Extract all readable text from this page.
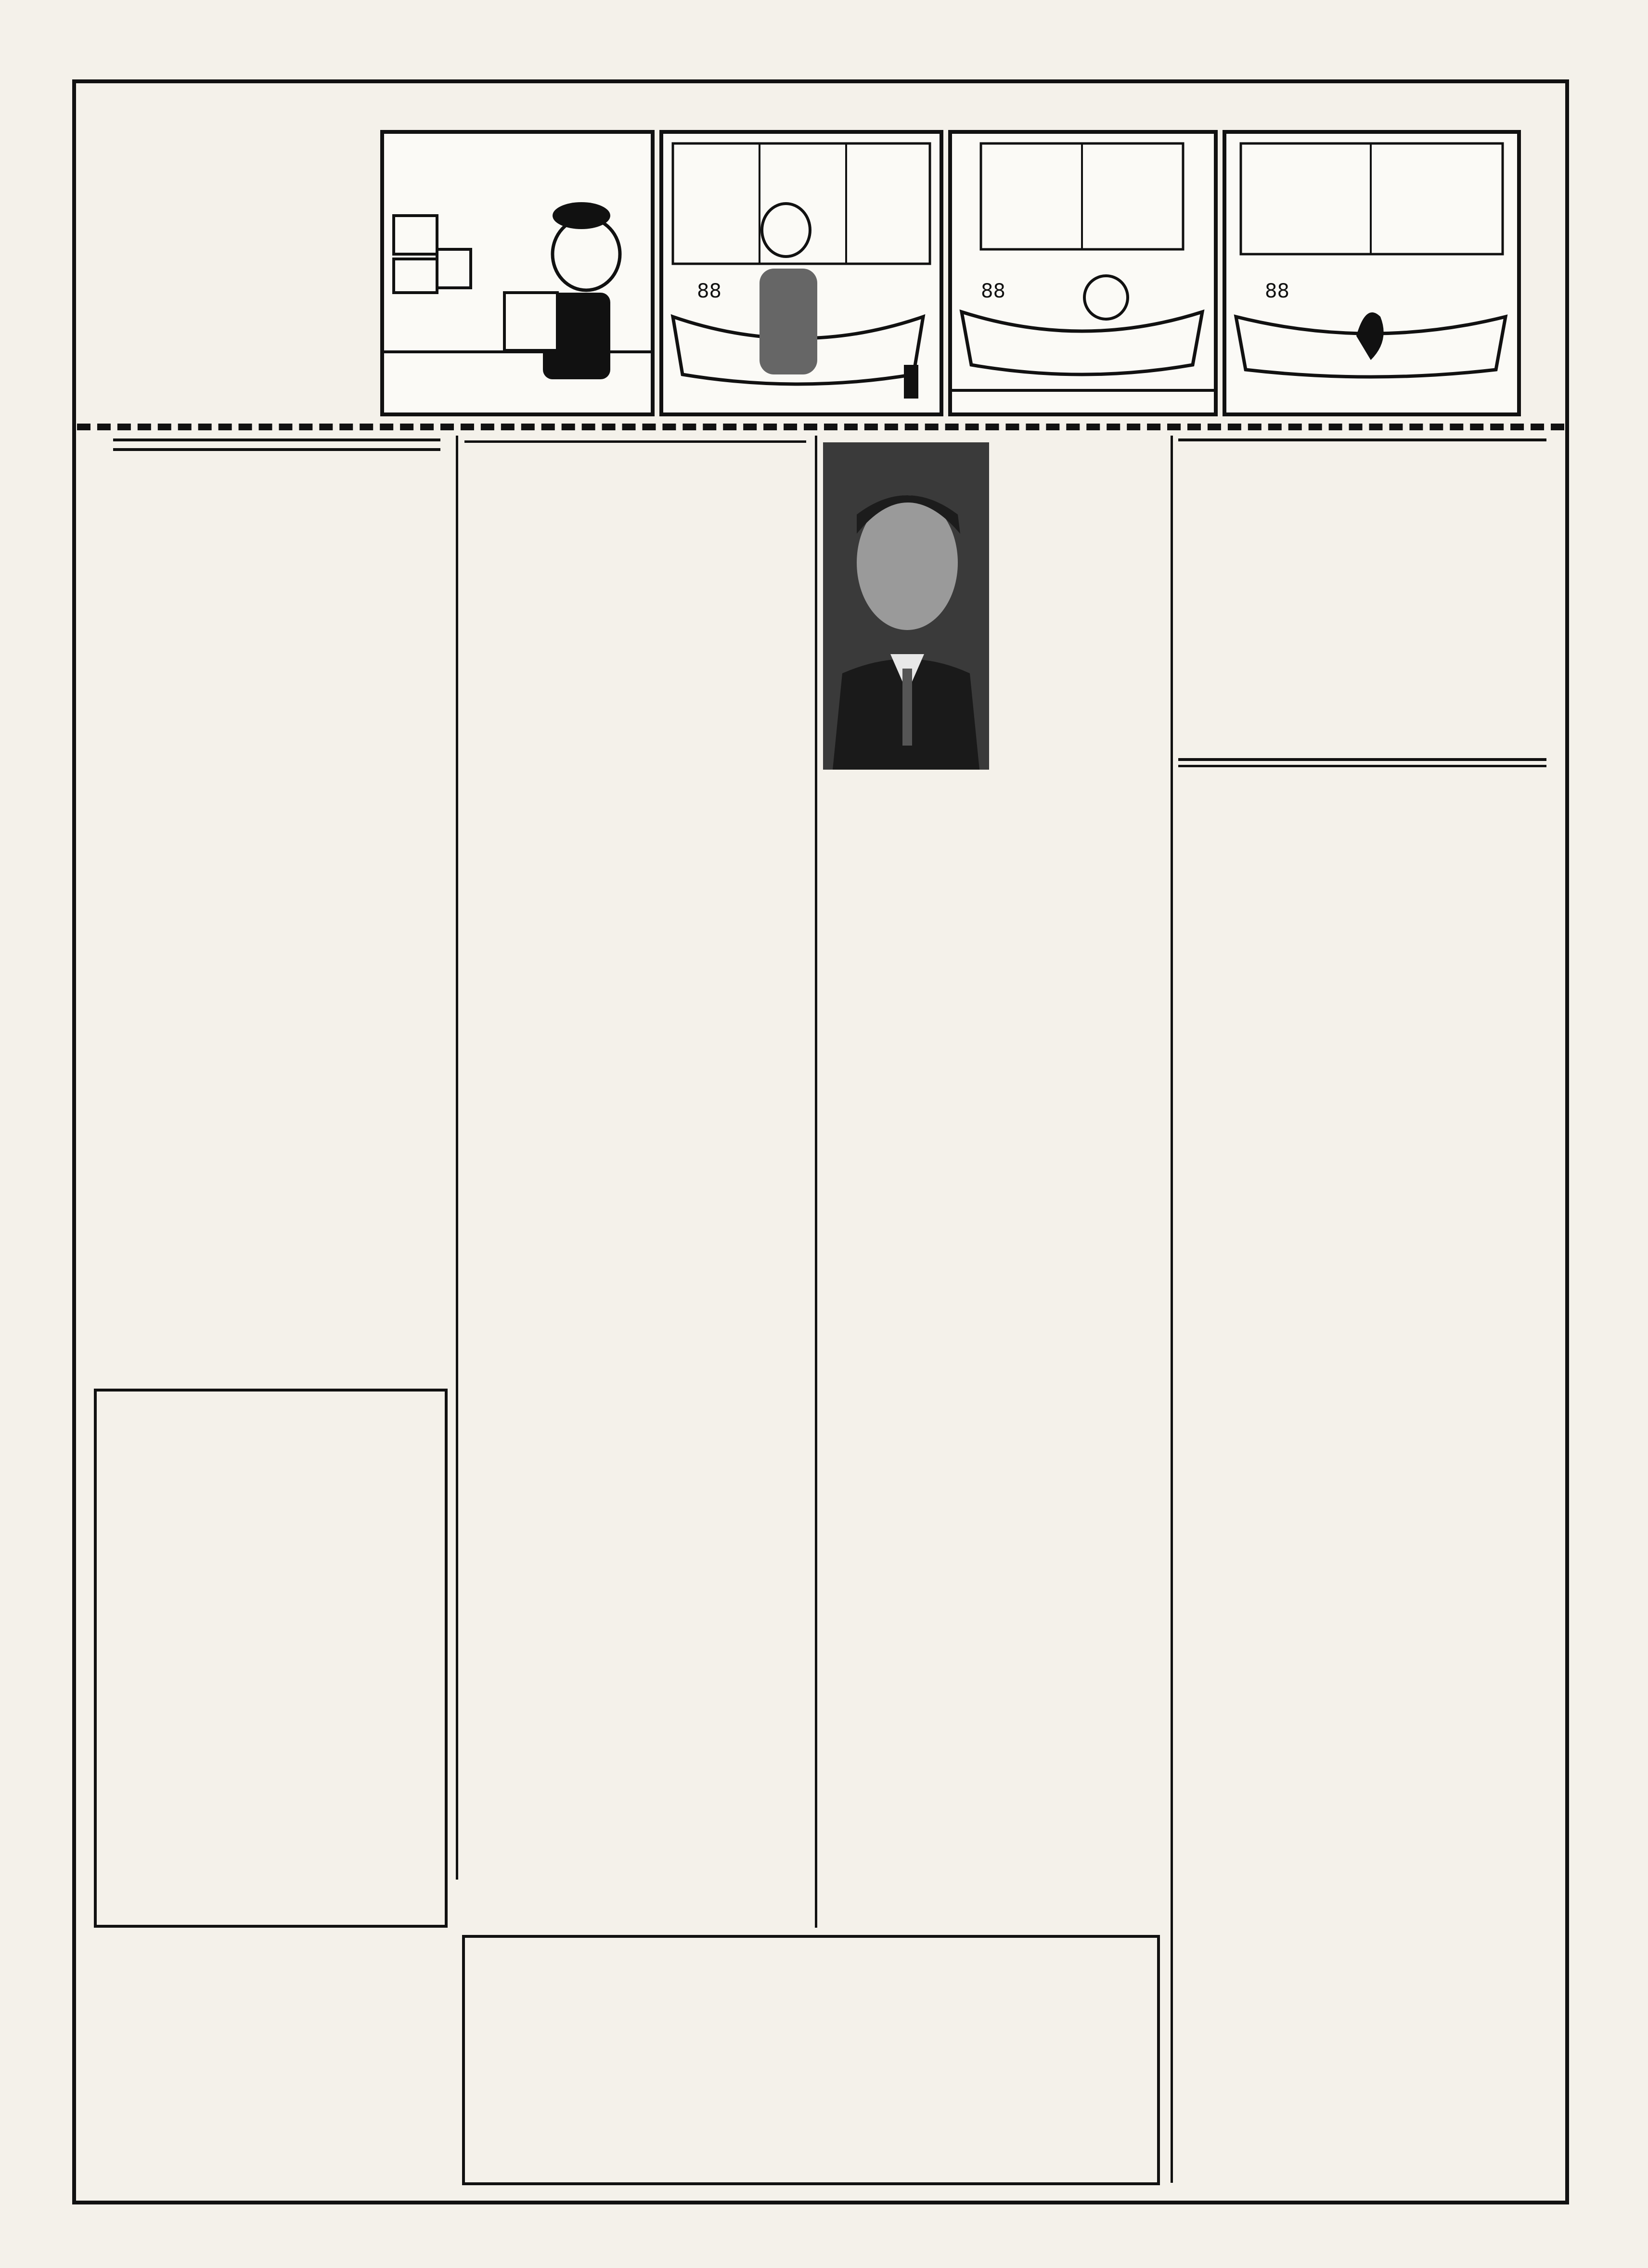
88	88	88
